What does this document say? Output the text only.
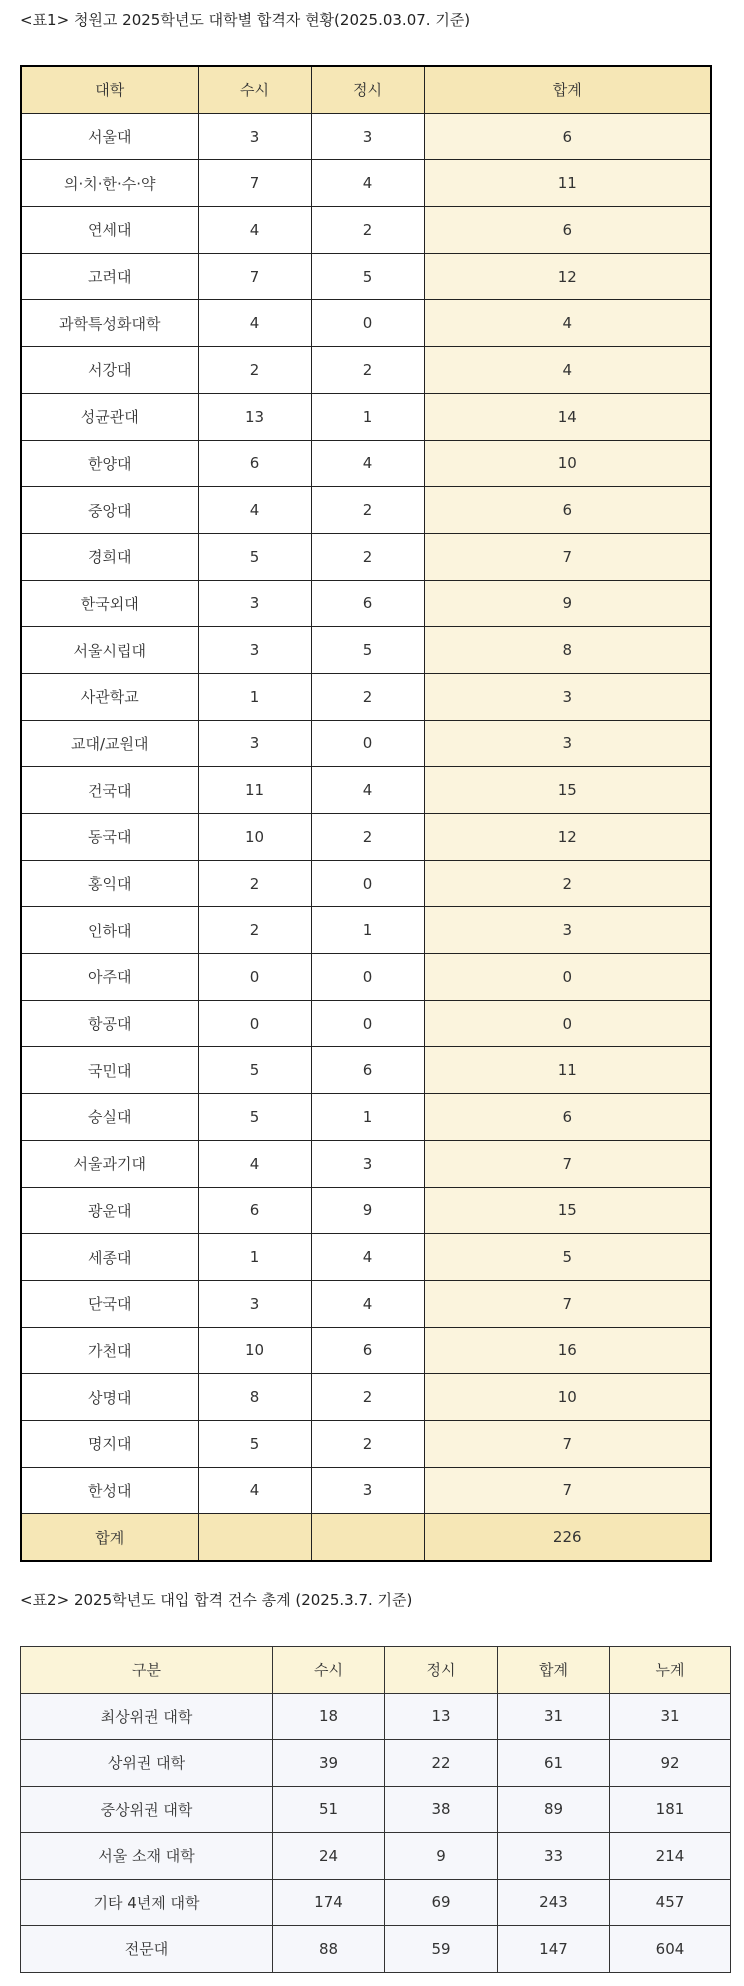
<표1> 청원고 2025학년도 대학별 합격자 현황(2025.03.07. 기준)
대학	수시	정시	합계
서울대	3	3	6
의·치·한·수·약	7	4	11
연세대	4	2	6
고려대	7	5	12
과학특성화대학	4	0	4
서강대	2	2	4
성균관대	13	1	14
한양대	6	4	10
중앙대	4	2	6
경희대	5	2	7
한국외대	3	6	9
서울시립대	3	5	8
사관학교	1	2	3
교대/교원대	3	0	3
건국대	11	4	15
동국대	10	2	12
홍익대	2	0	2
인하대	2	1	3
아주대	0	0	0
항공대	0	0	0
국민대	5	6	11
숭실대	5	1	6
서울과기대	4	3	7
광운대	6	9	15
세종대	1	4	5
단국대	3	4	7
가천대	10	6	16
상명대	8	2	10
명지대	5	2	7
한성대	4	3	7
합계			226
<표2> 2025학년도 대입 합격 건수 총계 (2025.3.7. 기준)
구분	수시	정시	합계	누계
최상위권 대학	18	13	31	31
상위권 대학	39	22	61	92
중상위권 대학	51	38	89	181
서울 소재 대학	24	9	33	214
기타 4년제 대학	174	69	243	457
전문대	88	59	147	604
